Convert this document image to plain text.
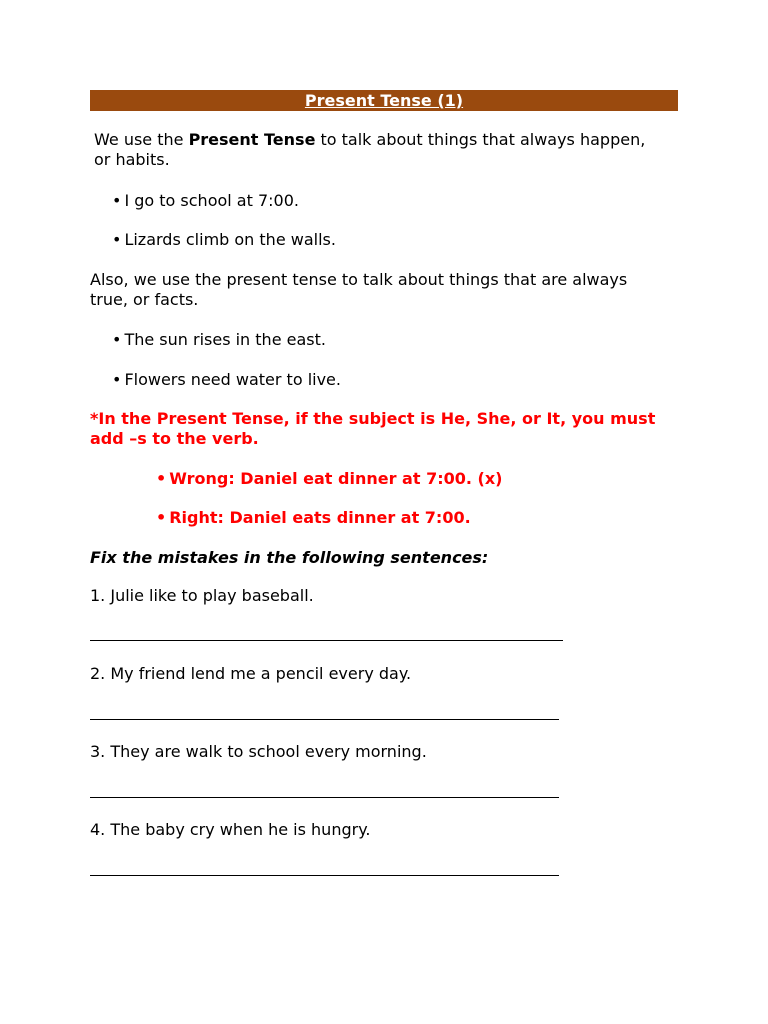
Present Tense (1)

We use the Present Tense to talk about things that always happen, or habits.

• I go to school at 7:00.
• Lizards climb on the walls.

Also, we use the present tense to talk about things that are always true, or facts.

• The sun rises in the east.
• Flowers need water to live.

*In the Present Tense, if the subject is He, She, or It, you must add –s to the verb.

• Wrong: Daniel eat dinner at 7:00. (x)
• Right: Daniel eats dinner at 7:00.

Fix the mistakes in the following sentences:

1. Julie like to play baseball.

2. My friend lend me a pencil every day.

3. They are walk to school every morning.

4. The baby cry when he is hungry.
